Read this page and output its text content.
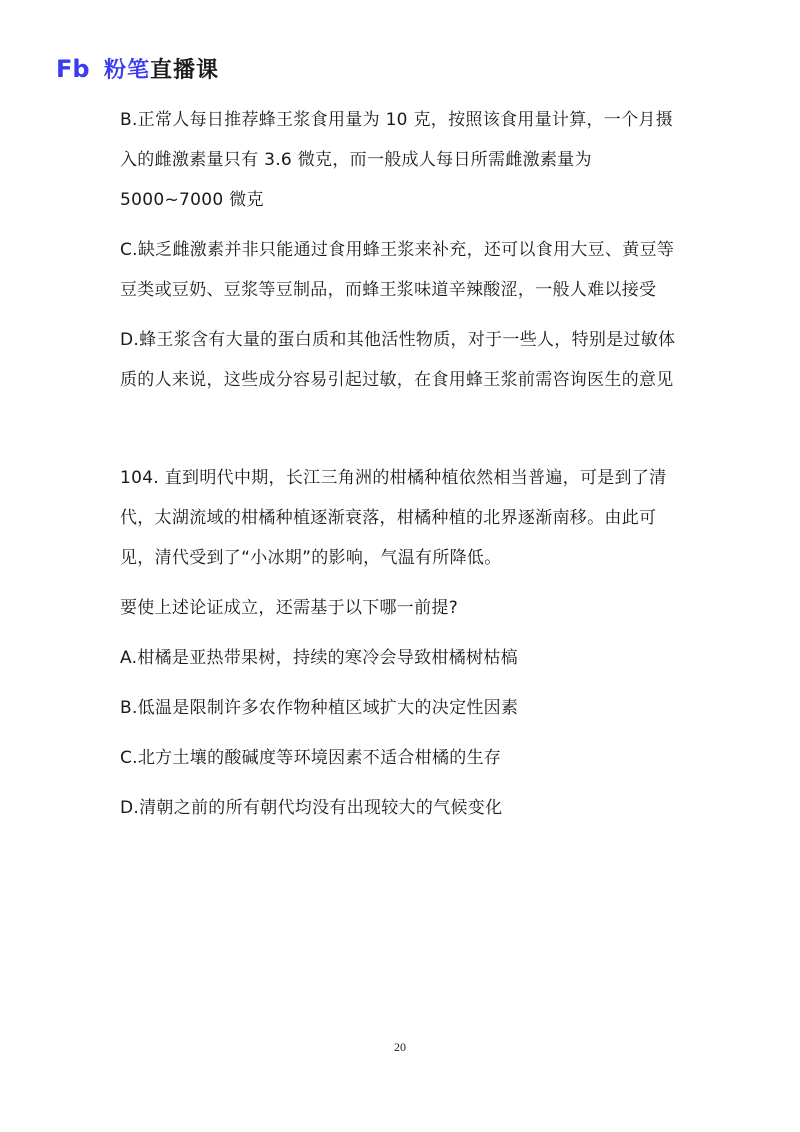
Fb 粉笔直播课

B.正常人每日推荐蜂王浆食用量为 10 克，按照该食用量计算，一个月摄入的雌激素量只有 3.6 微克，而一般成人每日所需雌激素量为5000~7000 微克

C.缺乏雌激素并非只能通过食用蜂王浆来补充，还可以食用大豆、黄豆等豆类或豆奶、豆浆等豆制品，而蜂王浆味道辛辣酸涩，一般人难以接受

D.蜂王浆含有大量的蛋白质和其他活性物质，对于一些人，特别是过敏体质的人来说，这些成分容易引起过敏，在食用蜂王浆前需咨询医生的意见

104. 直到明代中期，长江三角洲的柑橘种植依然相当普遍，可是到了清代，太湖流域的柑橘种植逐渐衰落，柑橘种植的北界逐渐南移。由此可见，清代受到了“小冰期”的影响，气温有所降低。

要使上述论证成立，还需基于以下哪一前提?

A.柑橘是亚热带果树，持续的寒冷会导致柑橘树枯槁

B.低温是限制许多农作物种植区域扩大的决定性因素

C.北方土壤的酸碱度等环境因素不适合柑橘的生存

D.清朝之前的所有朝代均没有出现较大的气候变化

20
